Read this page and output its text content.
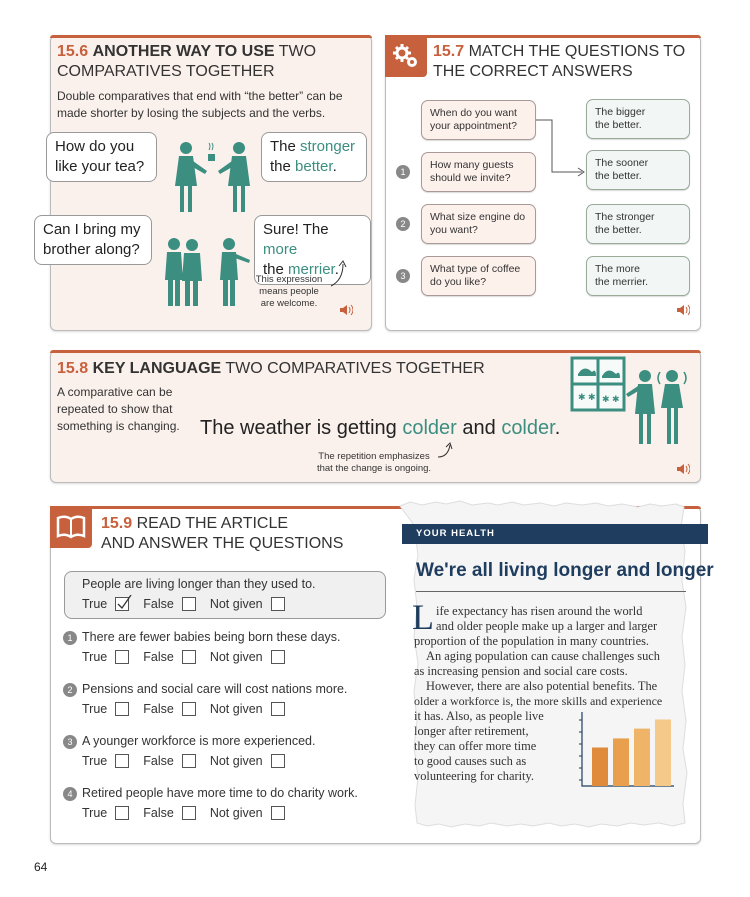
15.6 ANOTHER WAY TO USE TWO
COMPARATIVES TOGETHER
Double comparatives that end with “the better” can be
made shorter by losing the subjects and the verbs.
How do you
like your tea?
The stronger
the better.
Can I bring my
brother along?
Sure! The more
the merrier.
This expression
means people
are welcome.
15.7 MATCH THE QUESTIONS TO
THE CORRECT ANSWERS
When do you want
your appointment?
How many guests
should we invite?
What size engine do
you want?
What type of coffee
do you like?
1
2
3
The bigger
the better.
The sooner
the better.
The stronger
the better.
The more
the merrier.
15.8 KEY LANGUAGE TWO COMPARATIVES TOGETHER
A comparative can be
repeated to show that
something is changing.	The weather is getting colder and colder.
The repetition emphasizes
that the change is ongoing.
✱ ✱ ✱ ✱
15.9 READ THE ARTICLE
AND ANSWER THE QUESTIONS
People are living longer than they used to.
True	False	Not given
1 There are fewer babies being born these days.
True	False	Not given
2 Pensions and social care will cost nations more.
True	False	Not given
3 A younger workforce is more experienced.
True	False	Not given
4 Retired people have more time to do charity work.
True	False	Not given
YOUR HEALTH
We're all living longer and longer
L ife expectancy has risen around the world
and older people make up a larger and larger
proportion of the population in many countries.
An aging population can cause challenges such
as increasing pension and social care costs.
However, there are also potential benefits. The
older a workforce is, the more skills and experience
it has. Also, as people live
longer after retirement,
they can offer more time
to good causes such as
volunteering for charity.
64
